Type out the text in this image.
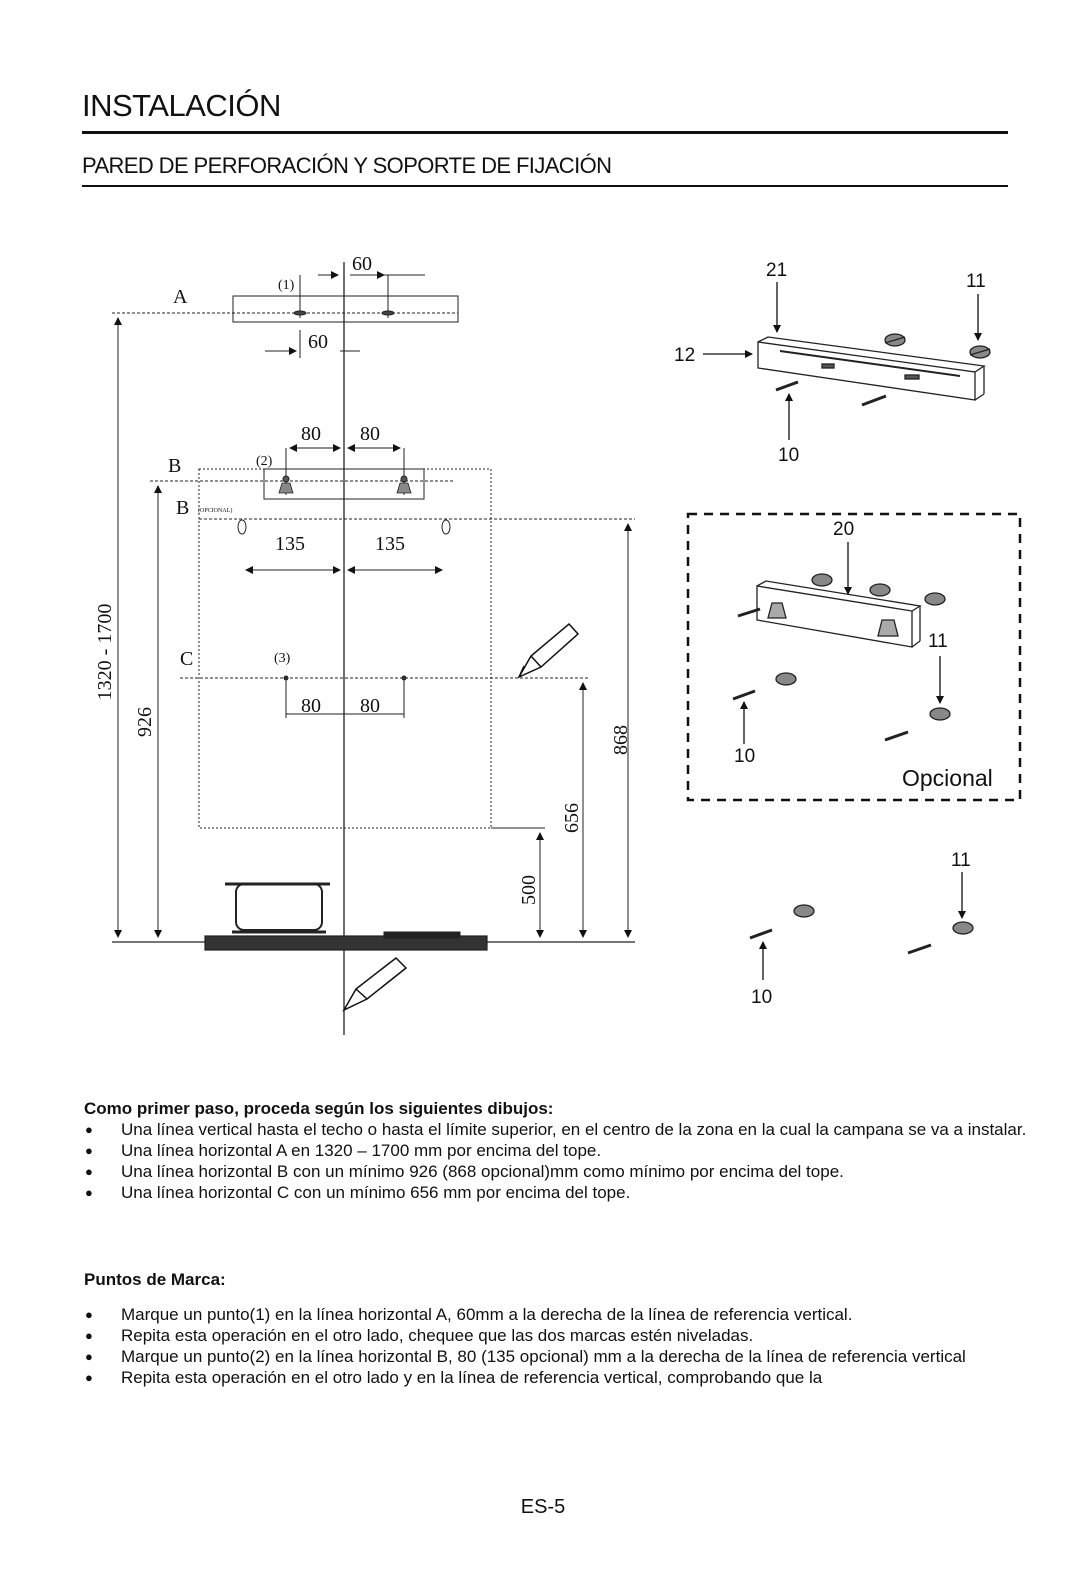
INSTALACIÓN
PARED DE PERFORACIÓN Y SOPORTE DE FIJACIÓN
A
B
B
C
60
60
80 80
135	135
80 80
(1)
(2)
(3)
(OPCIONAL)
1320 - 1700
926
868
656
500
21
11
12
10
20
11
10
Opcional
11
10
Como primer paso, proceda según los siguientes dibujos:
● Una línea vertical hasta el techo o hasta el límite superior, en el centro de la zona en la cual la campana se va a instalar.
● Una línea horizontal A en 1320 – 1700 mm por encima del tope.
● Una línea horizontal B con un mínimo 926 (868 opcional)mm como mínimo por encima del tope.
● Una línea horizontal C con un mínimo 656 mm por encima del tope.
Puntos de Marca:
● Marque un punto(1) en la línea horizontal A, 60mm a la derecha de la línea de referencia vertical.
● Repita esta operación en el otro lado, chequee que las dos marcas estén niveladas.
● Marque un punto(2) en la línea horizontal B, 80 (135 opcional) mm a la derecha de la línea de referencia vertical
● Repita esta operación en el otro lado y en la línea de referencia vertical, comprobando que la
ES-5
